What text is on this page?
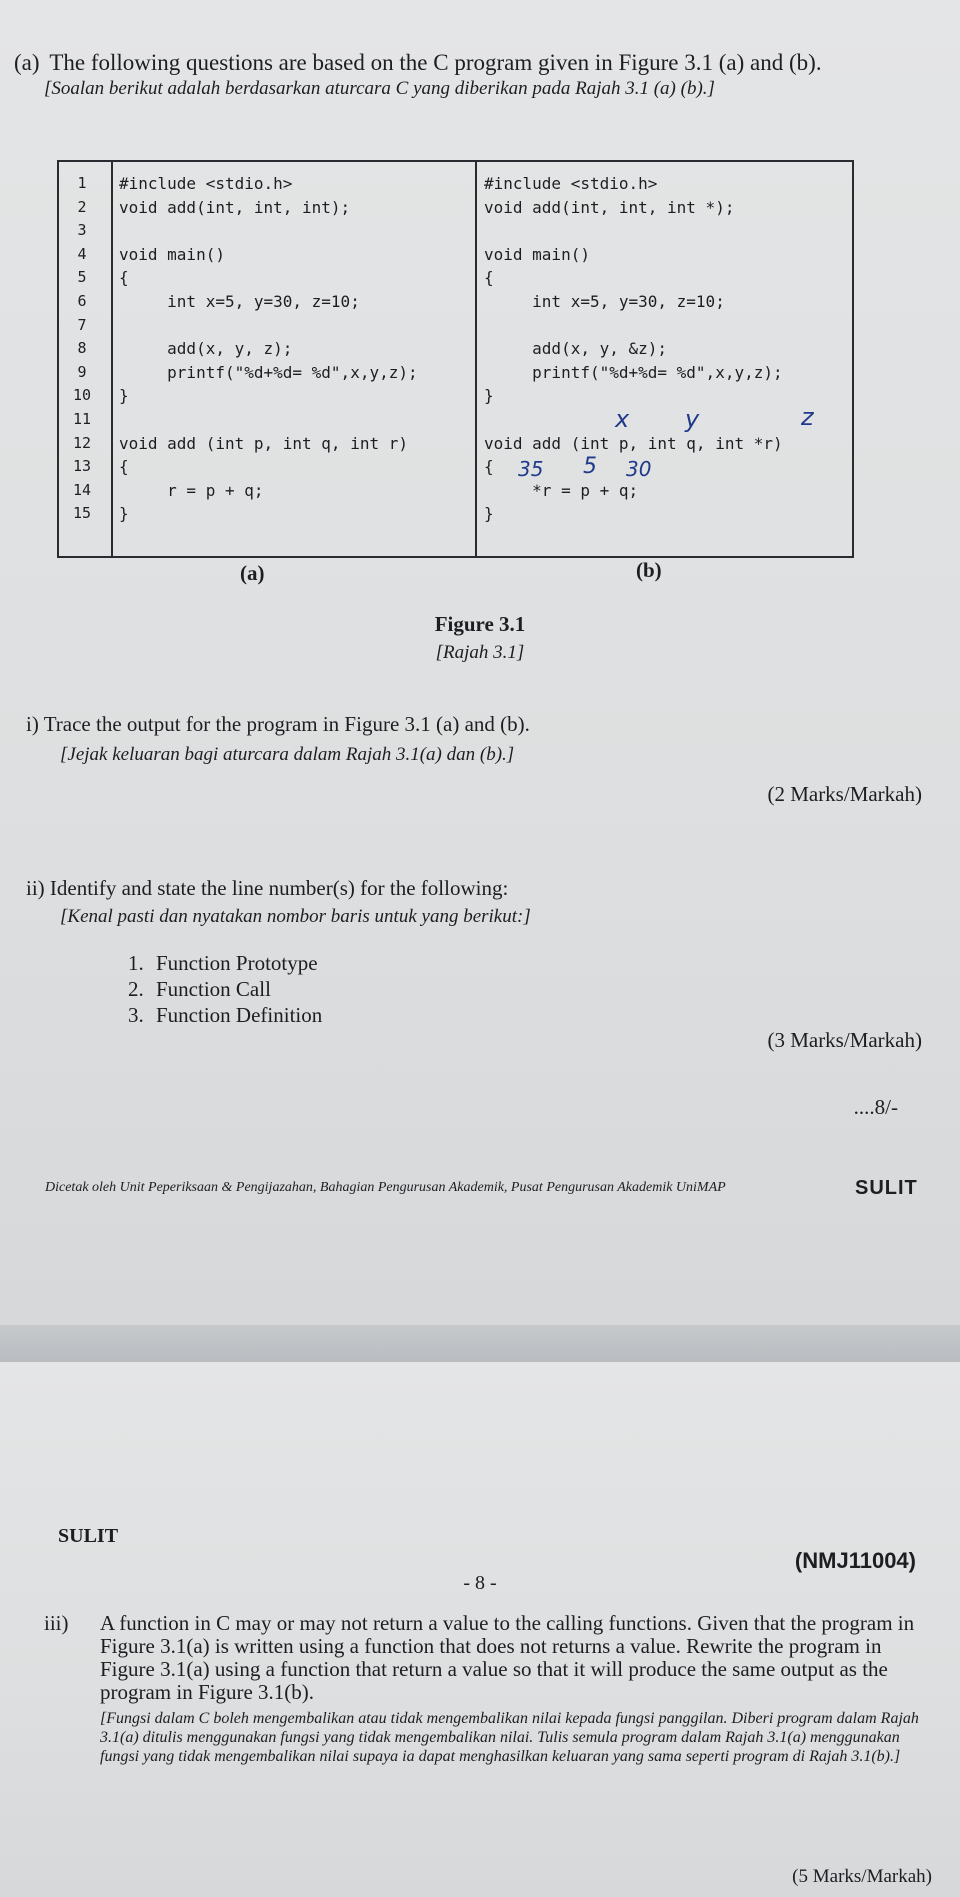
(a) The following questions are based on the C program given in Figure 3.1 (a) and (b).
[Soalan berikut adalah berdasarkan aturcara C yang diberikan pada Rajah 3.1 (a) (b).]
1	#include <stdio.h>	#include <stdio.h>
2	void add(int, int, int);	void add(int, int, int *);
3
4	void main()	void main()
5	{	{
6	int x=5, y=30, z=10;	int x=5, y=30, z=10;
7
8	add(x, y, z);	add(x, y, &z);
9	printf("%d+%d= %d",x,y,z);	printf("%d+%d= %d",x,y,z);
10	}	}
11
12	void add (int p, int q, int r)	void add (int p, int q, int *r)
13	{	{
14	r = p + q;	*r = p + q;
15	}	}
x y	z
35 5 30
(a)	(b)
Figure 3.1
[Rajah 3.1]
i) Trace the output for the program in Figure 3.1 (a) and (b).
[Jejak keluaran bagi aturcara dalam Rajah 3.1(a) dan (b).]
(2 Marks/Markah)
ii) Identify and state the line number(s) for the following:
[Kenal pasti dan nyatakan nombor baris untuk yang berikut:]
1. Function Prototype
2. Function Call
3. Function Definition
(3 Marks/Markah)
....8/-
Dicetak oleh Unit Peperiksaan & Pengijazahan, Bahagian Pengurusan Akademik, Pusat Pengurusan Akademik UniMAP	SULIT
SULIT
(NMJ11004)
- 8 -
iii) A function in C may or may not return a value to the calling functions. Given that the program in Figure 3.1(a) is written using a function that does not returns a value. Rewrite the program in Figure 3.1(a) using a function that return a value so that it will produce the same output as the program in Figure 3.1(b).
[Fungsi dalam C boleh mengembalikan atau tidak mengembalikan nilai kepada fungsi panggilan. Diberi program dalam Rajah 3.1(a) ditulis menggunakan fungsi yang tidak mengembalikan nilai. Tulis semula program dalam Rajah 3.1(a) menggunakan fungsi yang tidak mengembalikan nilai supaya ia dapat menghasilkan keluaran yang sama seperti program di Rajah 3.1(b).]
(5 Marks/Markah)
